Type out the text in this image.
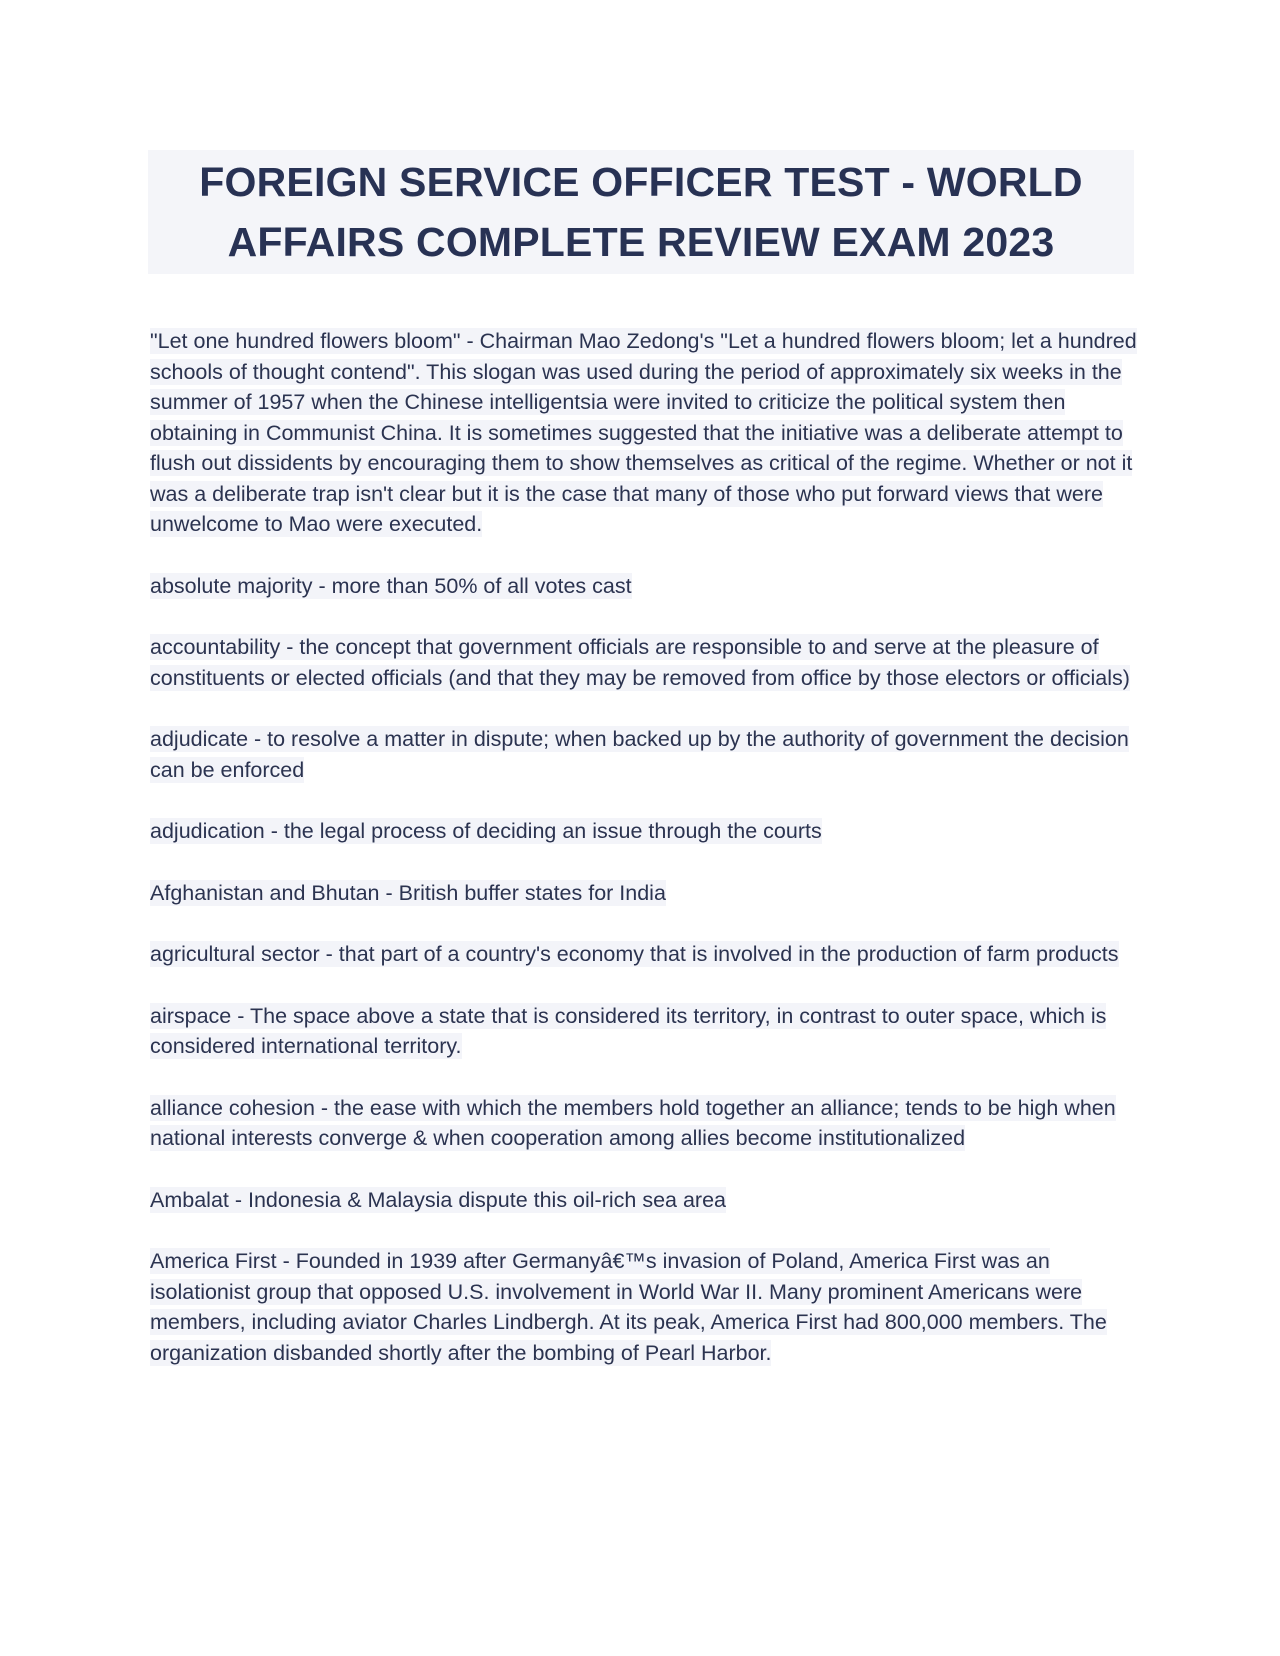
FOREIGN SERVICE OFFICER TEST - WORLD AFFAIRS COMPLETE REVIEW EXAM 2023

"Let one hundred flowers bloom" - Chairman Mao Zedong's "Let a hundred flowers bloom; let a hundred schools of thought contend". This slogan was used during the period of approximately six weeks in the summer of 1957 when the Chinese intelligentsia were invited to criticize the political system then obtaining in Communist China. It is sometimes suggested that the initiative was a deliberate attempt to flush out dissidents by encouraging them to show themselves as critical of the regime. Whether or not it was a deliberate trap isn't clear but it is the case that many of those who put forward views that were unwelcome to Mao were executed.

absolute majority - more than 50% of all votes cast

accountability - the concept that government officials are responsible to and serve at the pleasure of constituents or elected officials (and that they may be removed from office by those electors or officials)

adjudicate - to resolve a matter in dispute; when backed up by the authority of government the decision can be enforced

adjudication - the legal process of deciding an issue through the courts

Afghanistan and Bhutan - British buffer states for India

agricultural sector - that part of a country's economy that is involved in the production of farm products

airspace - The space above a state that is considered its territory, in contrast to outer space, which is considered international territory.

alliance cohesion - the ease with which the members hold together an alliance; tends to be high when national interests converge & when cooperation among allies become institutionalized

Ambalat - Indonesia & Malaysia dispute this oil-rich sea area

America First - Founded in 1939 after Germanyâ€™s invasion of Poland, America First was an isolationist group that opposed U.S. involvement in World War II. Many prominent Americans were members, including aviator Charles Lindbergh. At its peak, America First had 800,000 members. The organization disbanded shortly after the bombing of Pearl Harbor.
